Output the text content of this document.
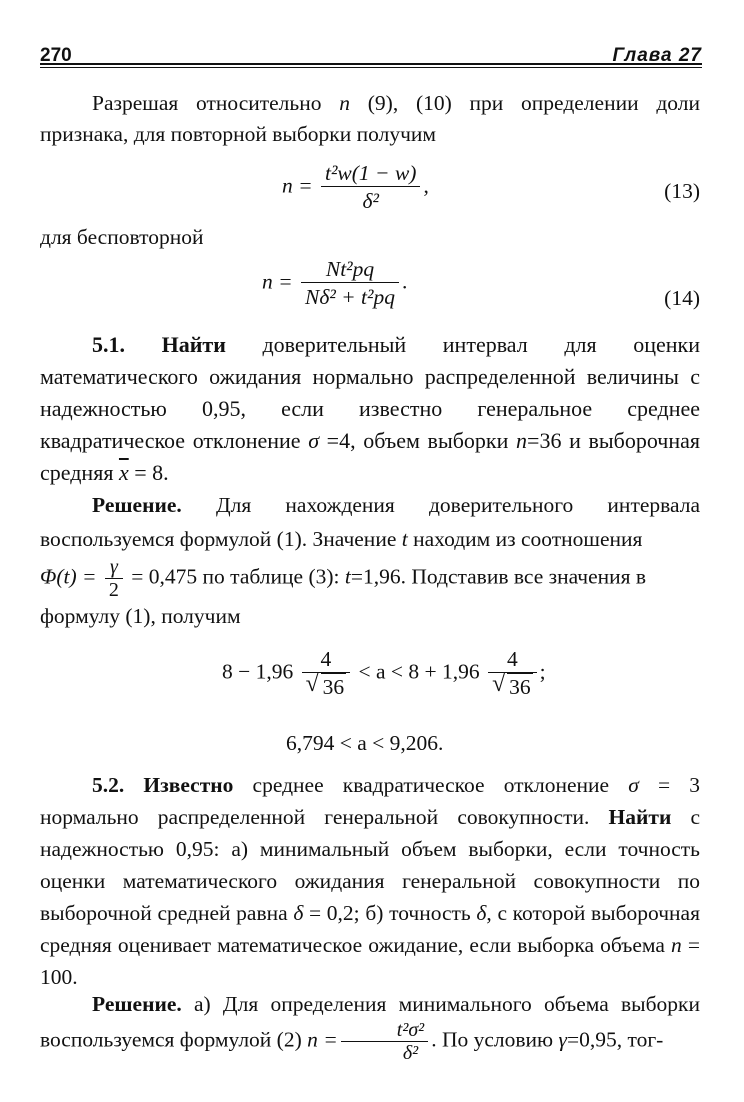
270	Глава 27
Разрешая относительно n (9), (10) при определении доли признака, для повторной выборки получим
$n = \frac{\text{t²w(1 − w)}}{\text{δ²}}$ ,	(13)
для бесповторной
$n = \frac{\text{Nt²pq}}{\text{Nδ² + t²pq}}$ .
(14)
5.1. Найти доверительный интервал для оценки математического ожидания нормально распределенной величины с надежностью 0,95, если известно генеральное среднее квадратическое отклонение σ =4, объем выборки n=36 и выборочная средняя $\overline{x} = 8$.
Решение. Для нахождения доверительного интервала воспользуемся формулой (1). Значение t находим из соотношения
$\Phi(t) = \frac{\gamma}{2} = 0,475$ по таблице (3): t=1,96. Подставив все значения в формулу (1), получим
$8 - 1,96 \frac{4}{√ 36} < a < 8 + 1,96 \frac{4}{√ 36}$ ;
6,794 < a < 9,206.
5.2. Известно среднее квадратическое отклонение σ = 3 нормально распределенной генеральной совокупности. Найти с надежностью 0,95: а) минимальный объем выборки, если точность оценки математического ожидания генеральной совокупности по выборочной средней равна δ = 0,2; б) точность δ, с которой выборочная средняя оценивает математическое ожидание, если выборка объема n = 100.
Решение. а) Для определения минимального объема выборки воспользуемся формулой (2) $n = \frac{\text{t²σ²}}{\text{δ²}}$ . По условию γ=0,95, тог-
